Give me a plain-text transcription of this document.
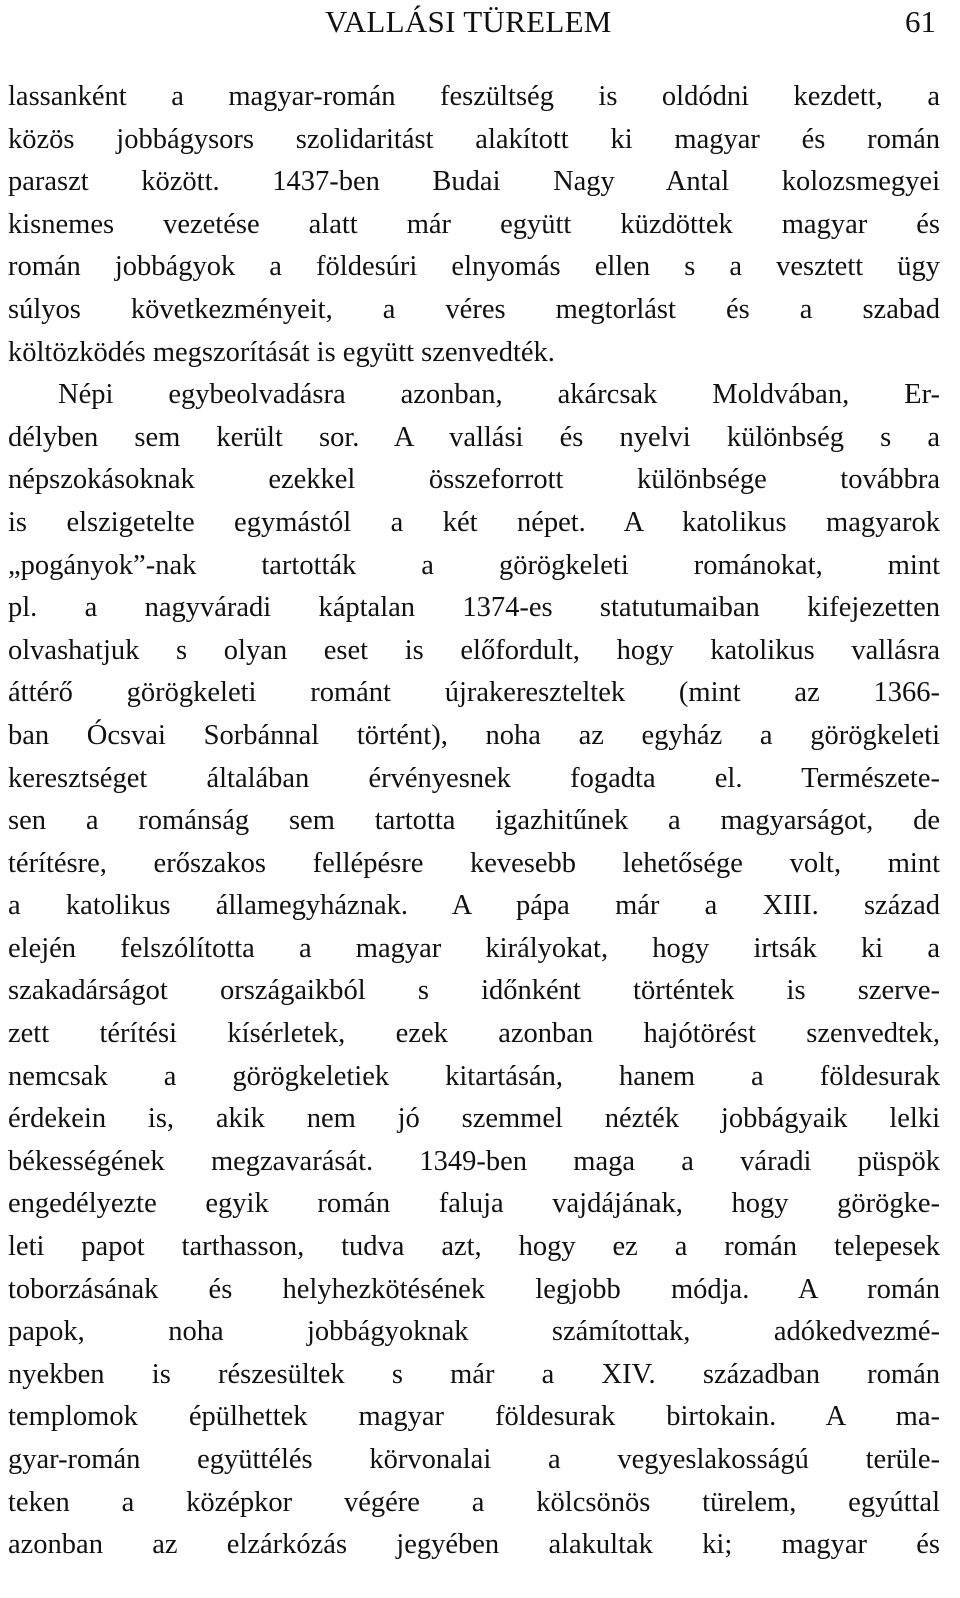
VALLÁSI TÜRELEM	61
lassanként a magyar-román feszültség is oldódni kezdett, a
közös jobbágysors szolidaritást alakított ki magyar és román
paraszt között. 1437-ben Budai Nagy Antal kolozsmegyei
kisnemes vezetése alatt már együtt küzdöttek magyar és
román jobbágyok a földesúri elnyomás ellen s a vesztett ügy
súlyos következményeit, a véres megtorlást és a szabad
költözködés megszorítását is együtt szenvedték.
Népi egybeolvadásra azonban, akárcsak Moldvában, Er-
délyben sem került sor. A vallási és nyelvi különbség s a
népszokásoknak ezekkel összeforrott különbsége továbbra
is elszigetelte egymástól a két népet. A katolikus magyarok
„pogányok”-nak tartották a görögkeleti románokat, mint
pl. a nagyváradi káptalan 1374-es statutumaiban kifejezetten
olvashatjuk s olyan eset is előfordult, hogy katolikus vallásra
áttérő görögkeleti románt újrakereszteltek (mint az 1366-
ban Ócsvai Sorbánnal történt), noha az egyház a görögkeleti
keresztséget általában érvényesnek fogadta el. Természete-
sen a románság sem tartotta igazhitűnek a magyarságot, de
térítésre, erőszakos fellépésre kevesebb lehetősége volt, mint
a katolikus államegyháznak. A pápa már a XIII. század
elején felszólította a magyar királyokat, hogy irtsák ki a
szakadárságot országaikból s időnként történtek is szerve-
zett térítési kísérletek, ezek azonban hajótörést szenvedtek,
nemcsak a görögkeletiek kitartásán, hanem a földesurak
érdekein is, akik nem jó szemmel nézték jobbágyaik lelki
békességének megzavarását. 1349-ben maga a váradi püspök
engedélyezte egyik román faluja vajdájának, hogy görögke-
leti papot tarthasson, tudva azt, hogy ez a román telepesek
toborzásának és helyhezkötésének legjobb módja. A román
papok, noha jobbágyoknak számítottak, adókedvezmé-
nyekben is részesültek s már a XIV. században román
templomok épülhettek magyar földesurak birtokain. A ma-
gyar-román együttélés körvonalai a vegyeslakosságú terüle-
teken a középkor végére a kölcsönös türelem, egyúttal
azonban az elzárkózás jegyében alakultak ki; magyar és
